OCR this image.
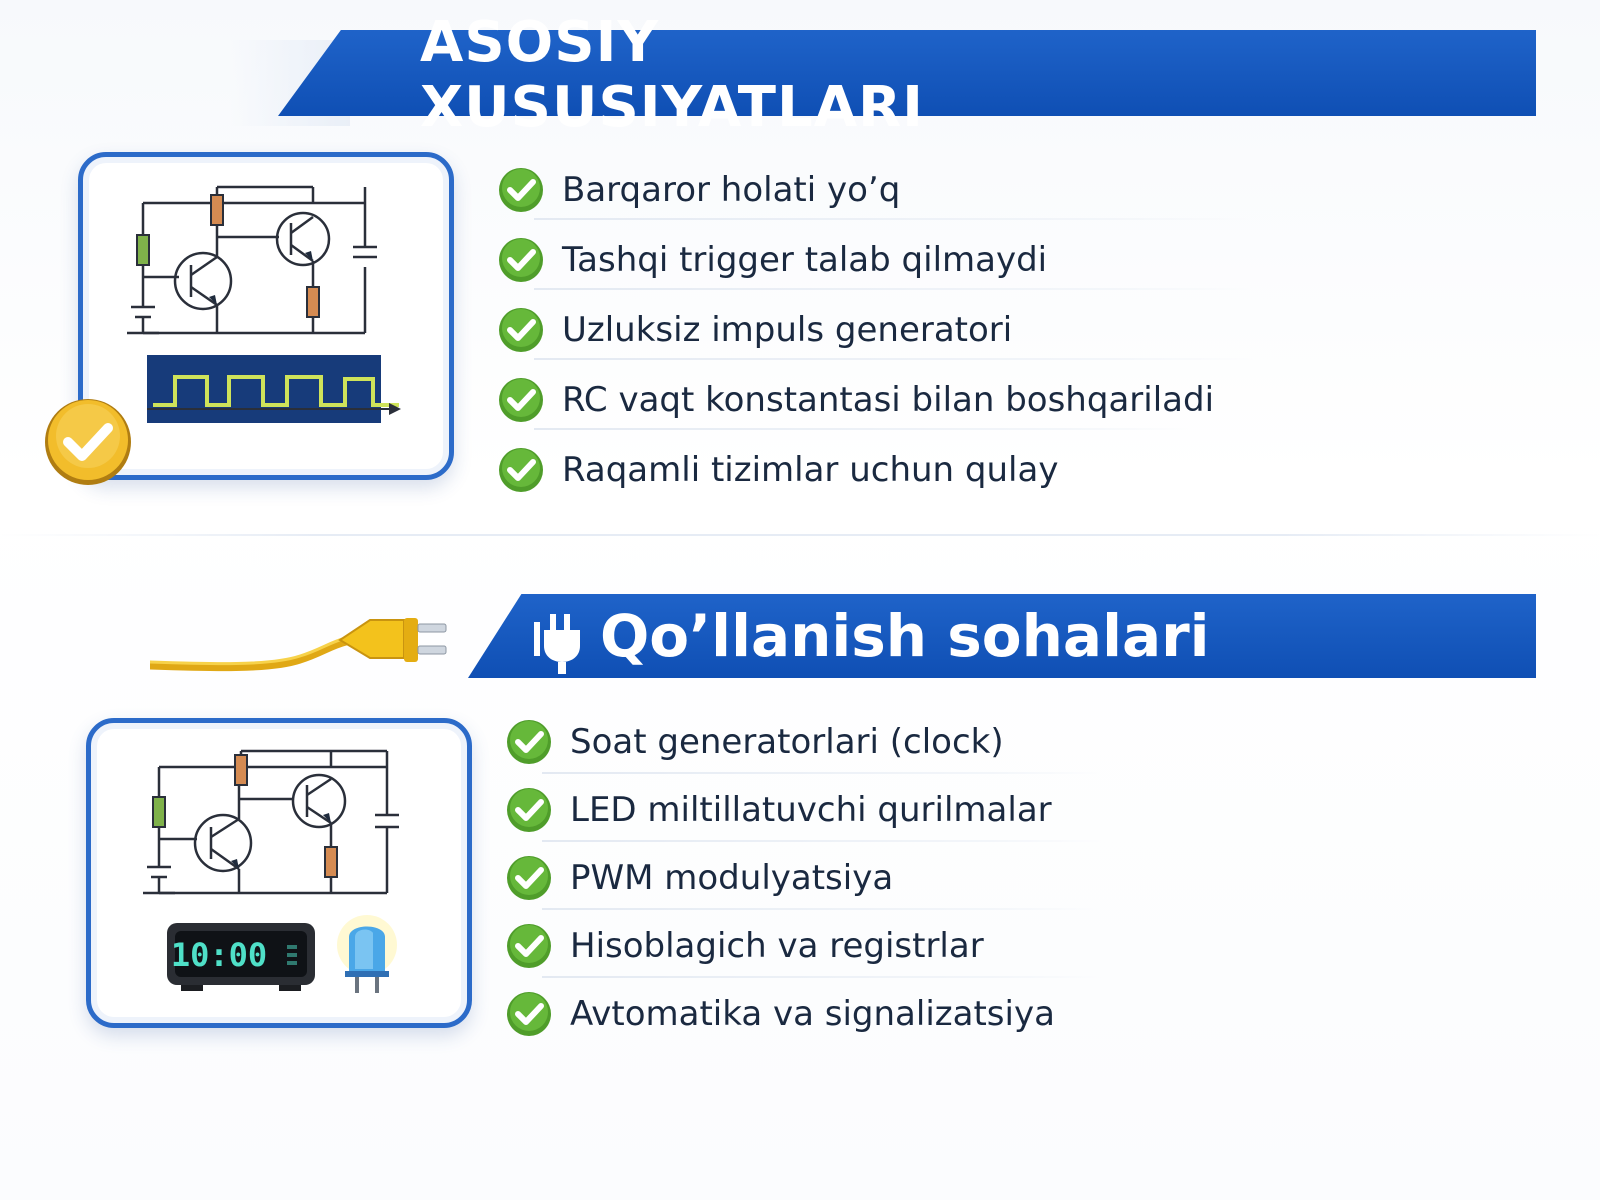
ASOSIY XUSUSIYATLARI
Barqaror holati yo’q
Tashqi trigger talab qilmaydi
Uzluksiz impuls generatori
RC vaqt konstantasi bilan boshqariladi
Raqamli tizimlar uchun qulay
Qo’llanish sohalari
10:00
Soat generatorlari (clock)
LED miltillatuvchi qurilmalar
PWM modulyatsiya
Hisoblagich va registrlar
Avtomatika va signalizatsiya
